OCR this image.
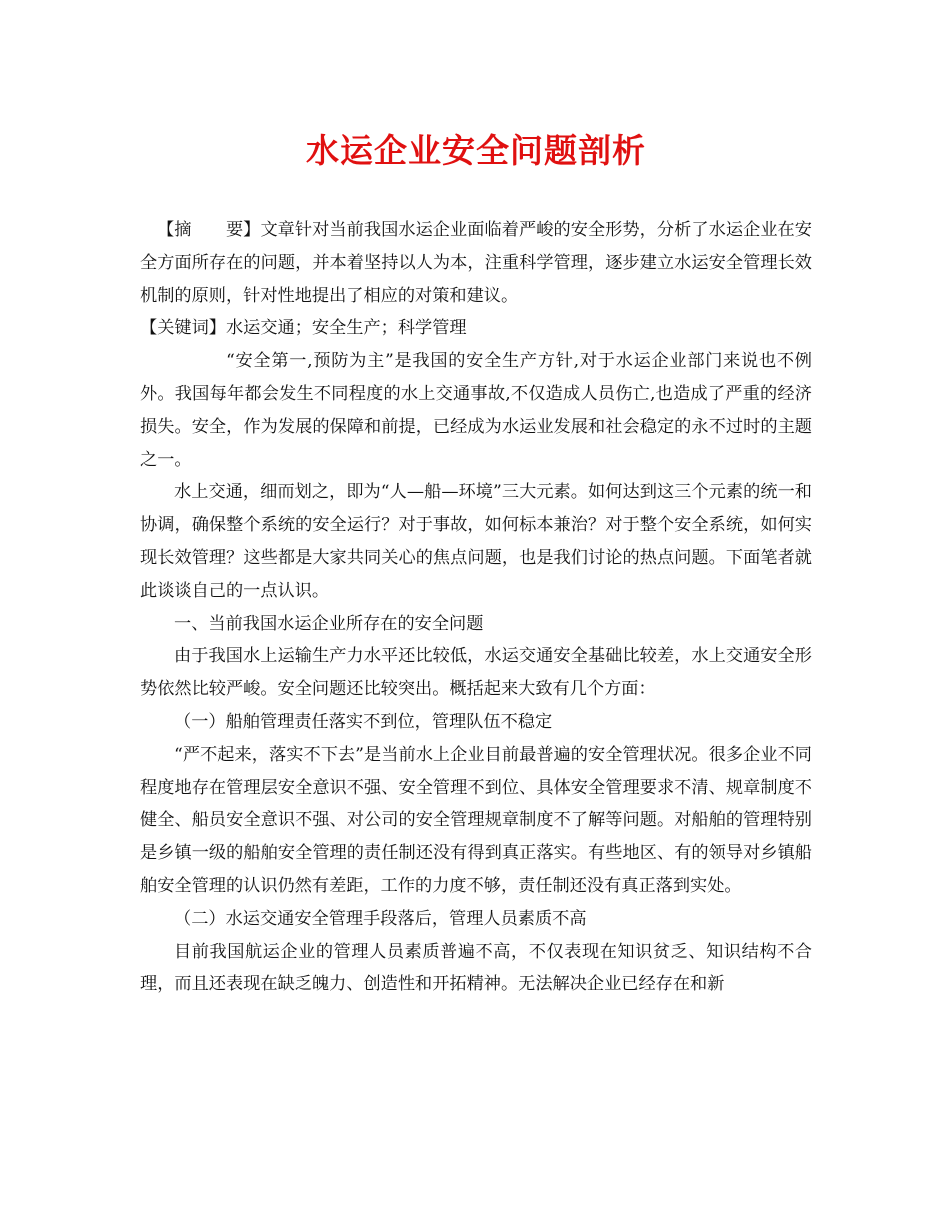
水运企业安全问题剖析

【摘　　要】文章针对当前我国水运企业面临着严峻的安全形势，分析了水运企业在安全方面所存在的问题，并本着坚持以人为本，注重科学管理，逐步建立水运安全管理长效机制的原则，针对性地提出了相应的对策和建议。

【关键词】水运交通；安全生产；科学管理

“安全第一,预防为主”是我国的安全生产方针,对于水运企业部门来说也不例外。我国每年都会发生不同程度的水上交通事故,不仅造成人员伤亡,也造成了严重的经济损失。安全，作为发展的保障和前提，已经成为水运业发展和社会稳定的永不过时的主题之一。

水上交通，细而划之，即为“人—船—环境”三大元素。如何达到这三个元素的统一和协调，确保整个系统的安全运行？对于事故，如何标本兼治？对于整个安全系统，如何实现长效管理？这些都是大家共同关心的焦点问题，也是我们讨论的热点问题。下面笔者就此谈谈自己的一点认识。

一、当前我国水运企业所存在的安全问题

由于我国水上运输生产力水平还比较低，水运交通安全基础比较差，水上交通安全形势依然比较严峻。安全问题还比较突出。概括起来大致有几个方面：

（一）船舶管理责任落实不到位，管理队伍不稳定

“严不起来，落实不下去”是当前水上企业目前最普遍的安全管理状况。很多企业不同程度地存在管理层安全意识不强、安全管理不到位、具体安全管理要求不清、规章制度不健全、船员安全意识不强、对公司的安全管理规章制度不了解等问题。对船舶的管理特别是乡镇一级的船舶安全管理的责任制还没有得到真正落实。有些地区、有的领导对乡镇船舶安全管理的认识仍然有差距，工作的力度不够，责任制还没有真正落到实处。

（二）水运交通安全管理手段落后，管理人员素质不高

目前我国航运企业的管理人员素质普遍不高，不仅表现在知识贫乏、知识结构不合理，而且还表现在缺乏魄力、创造性和开拓精神。无法解决企业已经存在和新
